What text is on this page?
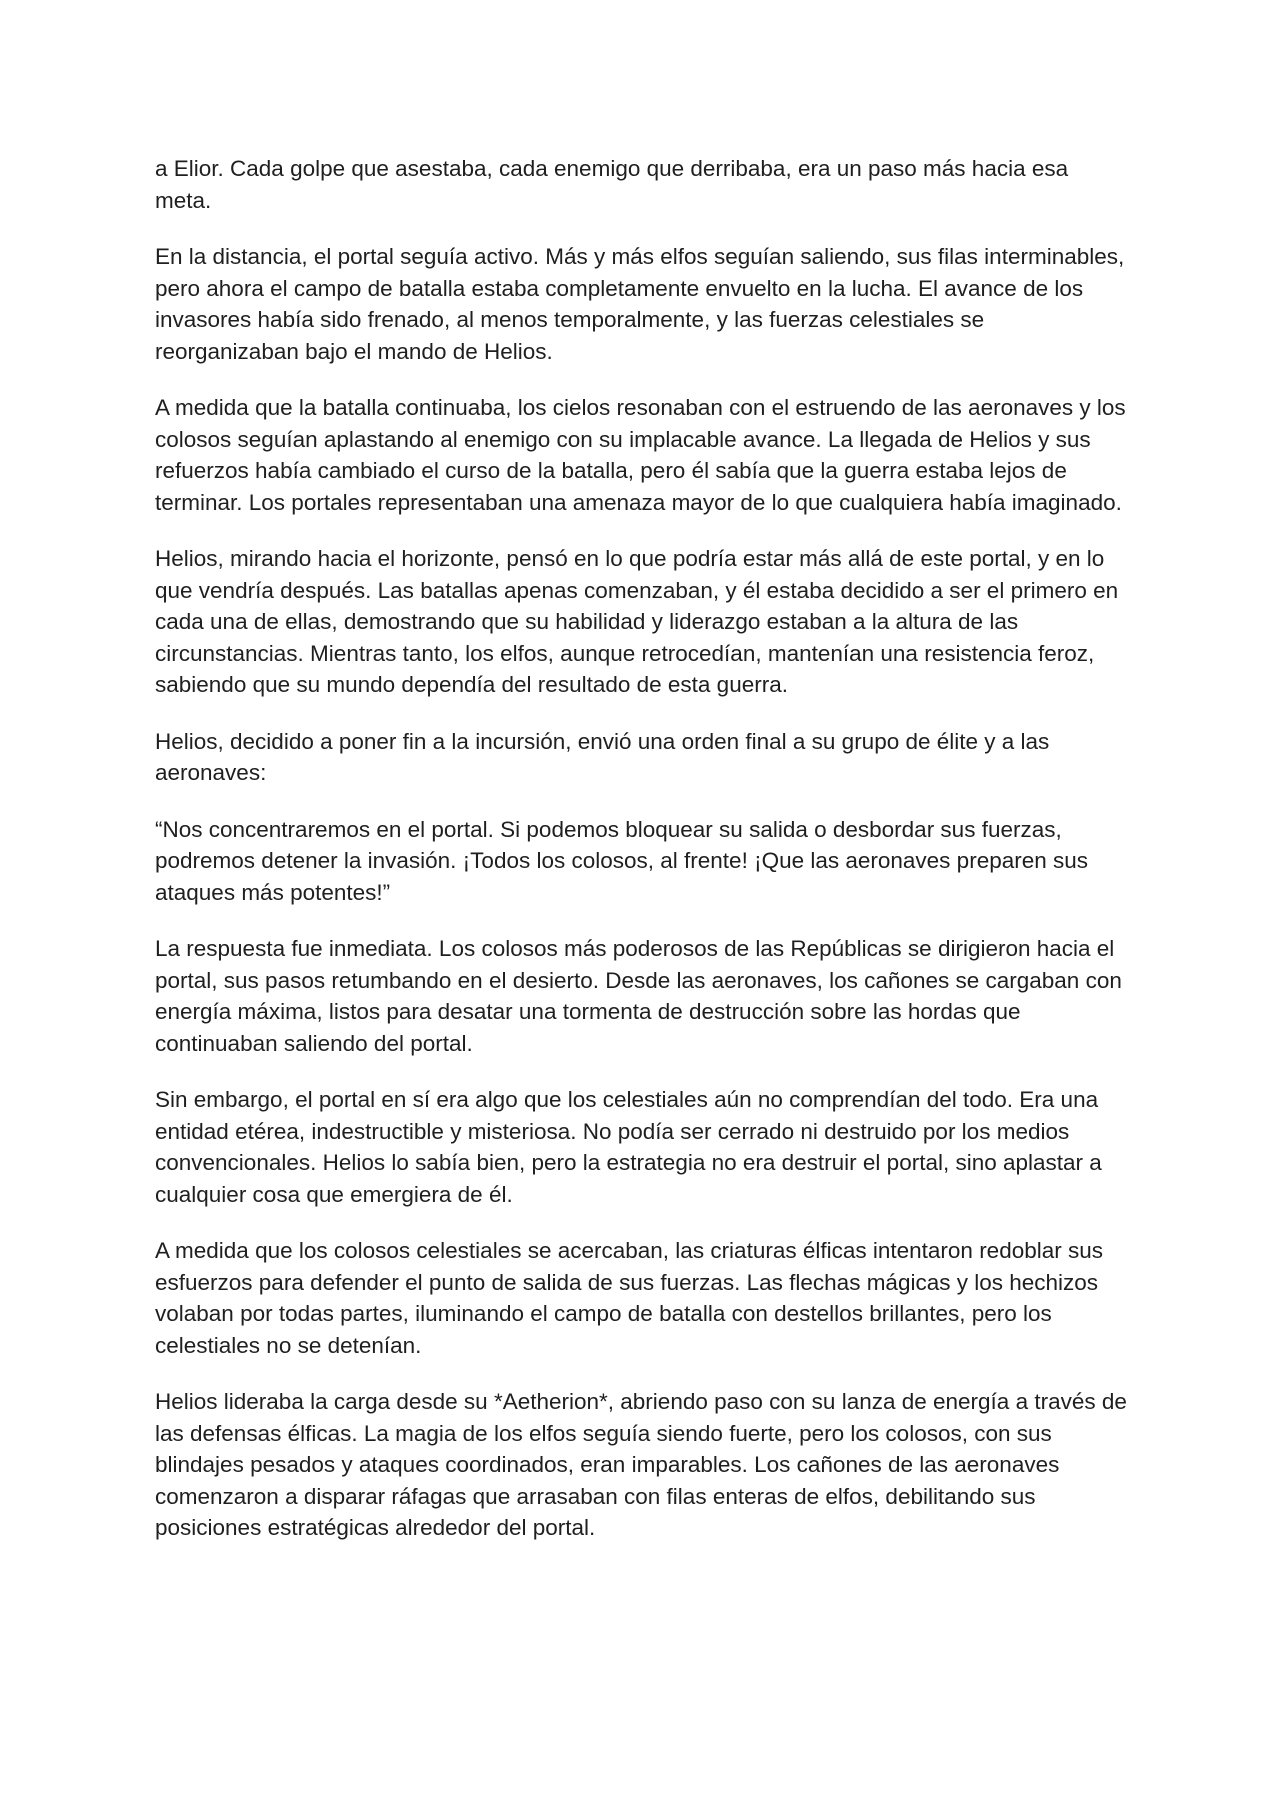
a Elior. Cada golpe que asestaba, cada enemigo que derribaba, era un paso más hacia esa meta.

En la distancia, el portal seguía activo. Más y más elfos seguían saliendo, sus filas interminables, pero ahora el campo de batalla estaba completamente envuelto en la lucha. El avance de los invasores había sido frenado, al menos temporalmente, y las fuerzas celestiales se reorganizaban bajo el mando de Helios.

A medida que la batalla continuaba, los cielos resonaban con el estruendo de las aeronaves y los colosos seguían aplastando al enemigo con su implacable avance. La llegada de Helios y sus refuerzos había cambiado el curso de la batalla, pero él sabía que la guerra estaba lejos de terminar. Los portales representaban una amenaza mayor de lo que cualquiera había imaginado.

Helios, mirando hacia el horizonte, pensó en lo que podría estar más allá de este portal, y en lo que vendría después. Las batallas apenas comenzaban, y él estaba decidido a ser el primero en cada una de ellas, demostrando que su habilidad y liderazgo estaban a la altura de las circunstancias. Mientras tanto, los elfos, aunque retrocedían, mantenían una resistencia feroz, sabiendo que su mundo dependía del resultado de esta guerra.

Helios, decidido a poner fin a la incursión, envió una orden final a su grupo de élite y a las aeronaves:

“Nos concentraremos en el portal. Si podemos bloquear su salida o desbordar sus fuerzas, podremos detener la invasión. ¡Todos los colosos, al frente! ¡Que las aeronaves preparen sus ataques más potentes!”

La respuesta fue inmediata. Los colosos más poderosos de las Repúblicas se dirigieron hacia el portal, sus pasos retumbando en el desierto. Desde las aeronaves, los cañones se cargaban con energía máxima, listos para desatar una tormenta de destrucción sobre las hordas que continuaban saliendo del portal.

Sin embargo, el portal en sí era algo que los celestiales aún no comprendían del todo. Era una entidad etérea, indestructible y misteriosa. No podía ser cerrado ni destruido por los medios convencionales. Helios lo sabía bien, pero la estrategia no era destruir el portal, sino aplastar a cualquier cosa que emergiera de él.

A medida que los colosos celestiales se acercaban, las criaturas élficas intentaron redoblar sus esfuerzos para defender el punto de salida de sus fuerzas. Las flechas mágicas y los hechizos volaban por todas partes, iluminando el campo de batalla con destellos brillantes, pero los celestiales no se detenían.

Helios lideraba la carga desde su *Aetherion*, abriendo paso con su lanza de energía a través de las defensas élficas. La magia de los elfos seguía siendo fuerte, pero los colosos, con sus blindajes pesados y ataques coordinados, eran imparables. Los cañones de las aeronaves comenzaron a disparar ráfagas que arrasaban con filas enteras de elfos, debilitando sus posiciones estratégicas alrededor del portal.
